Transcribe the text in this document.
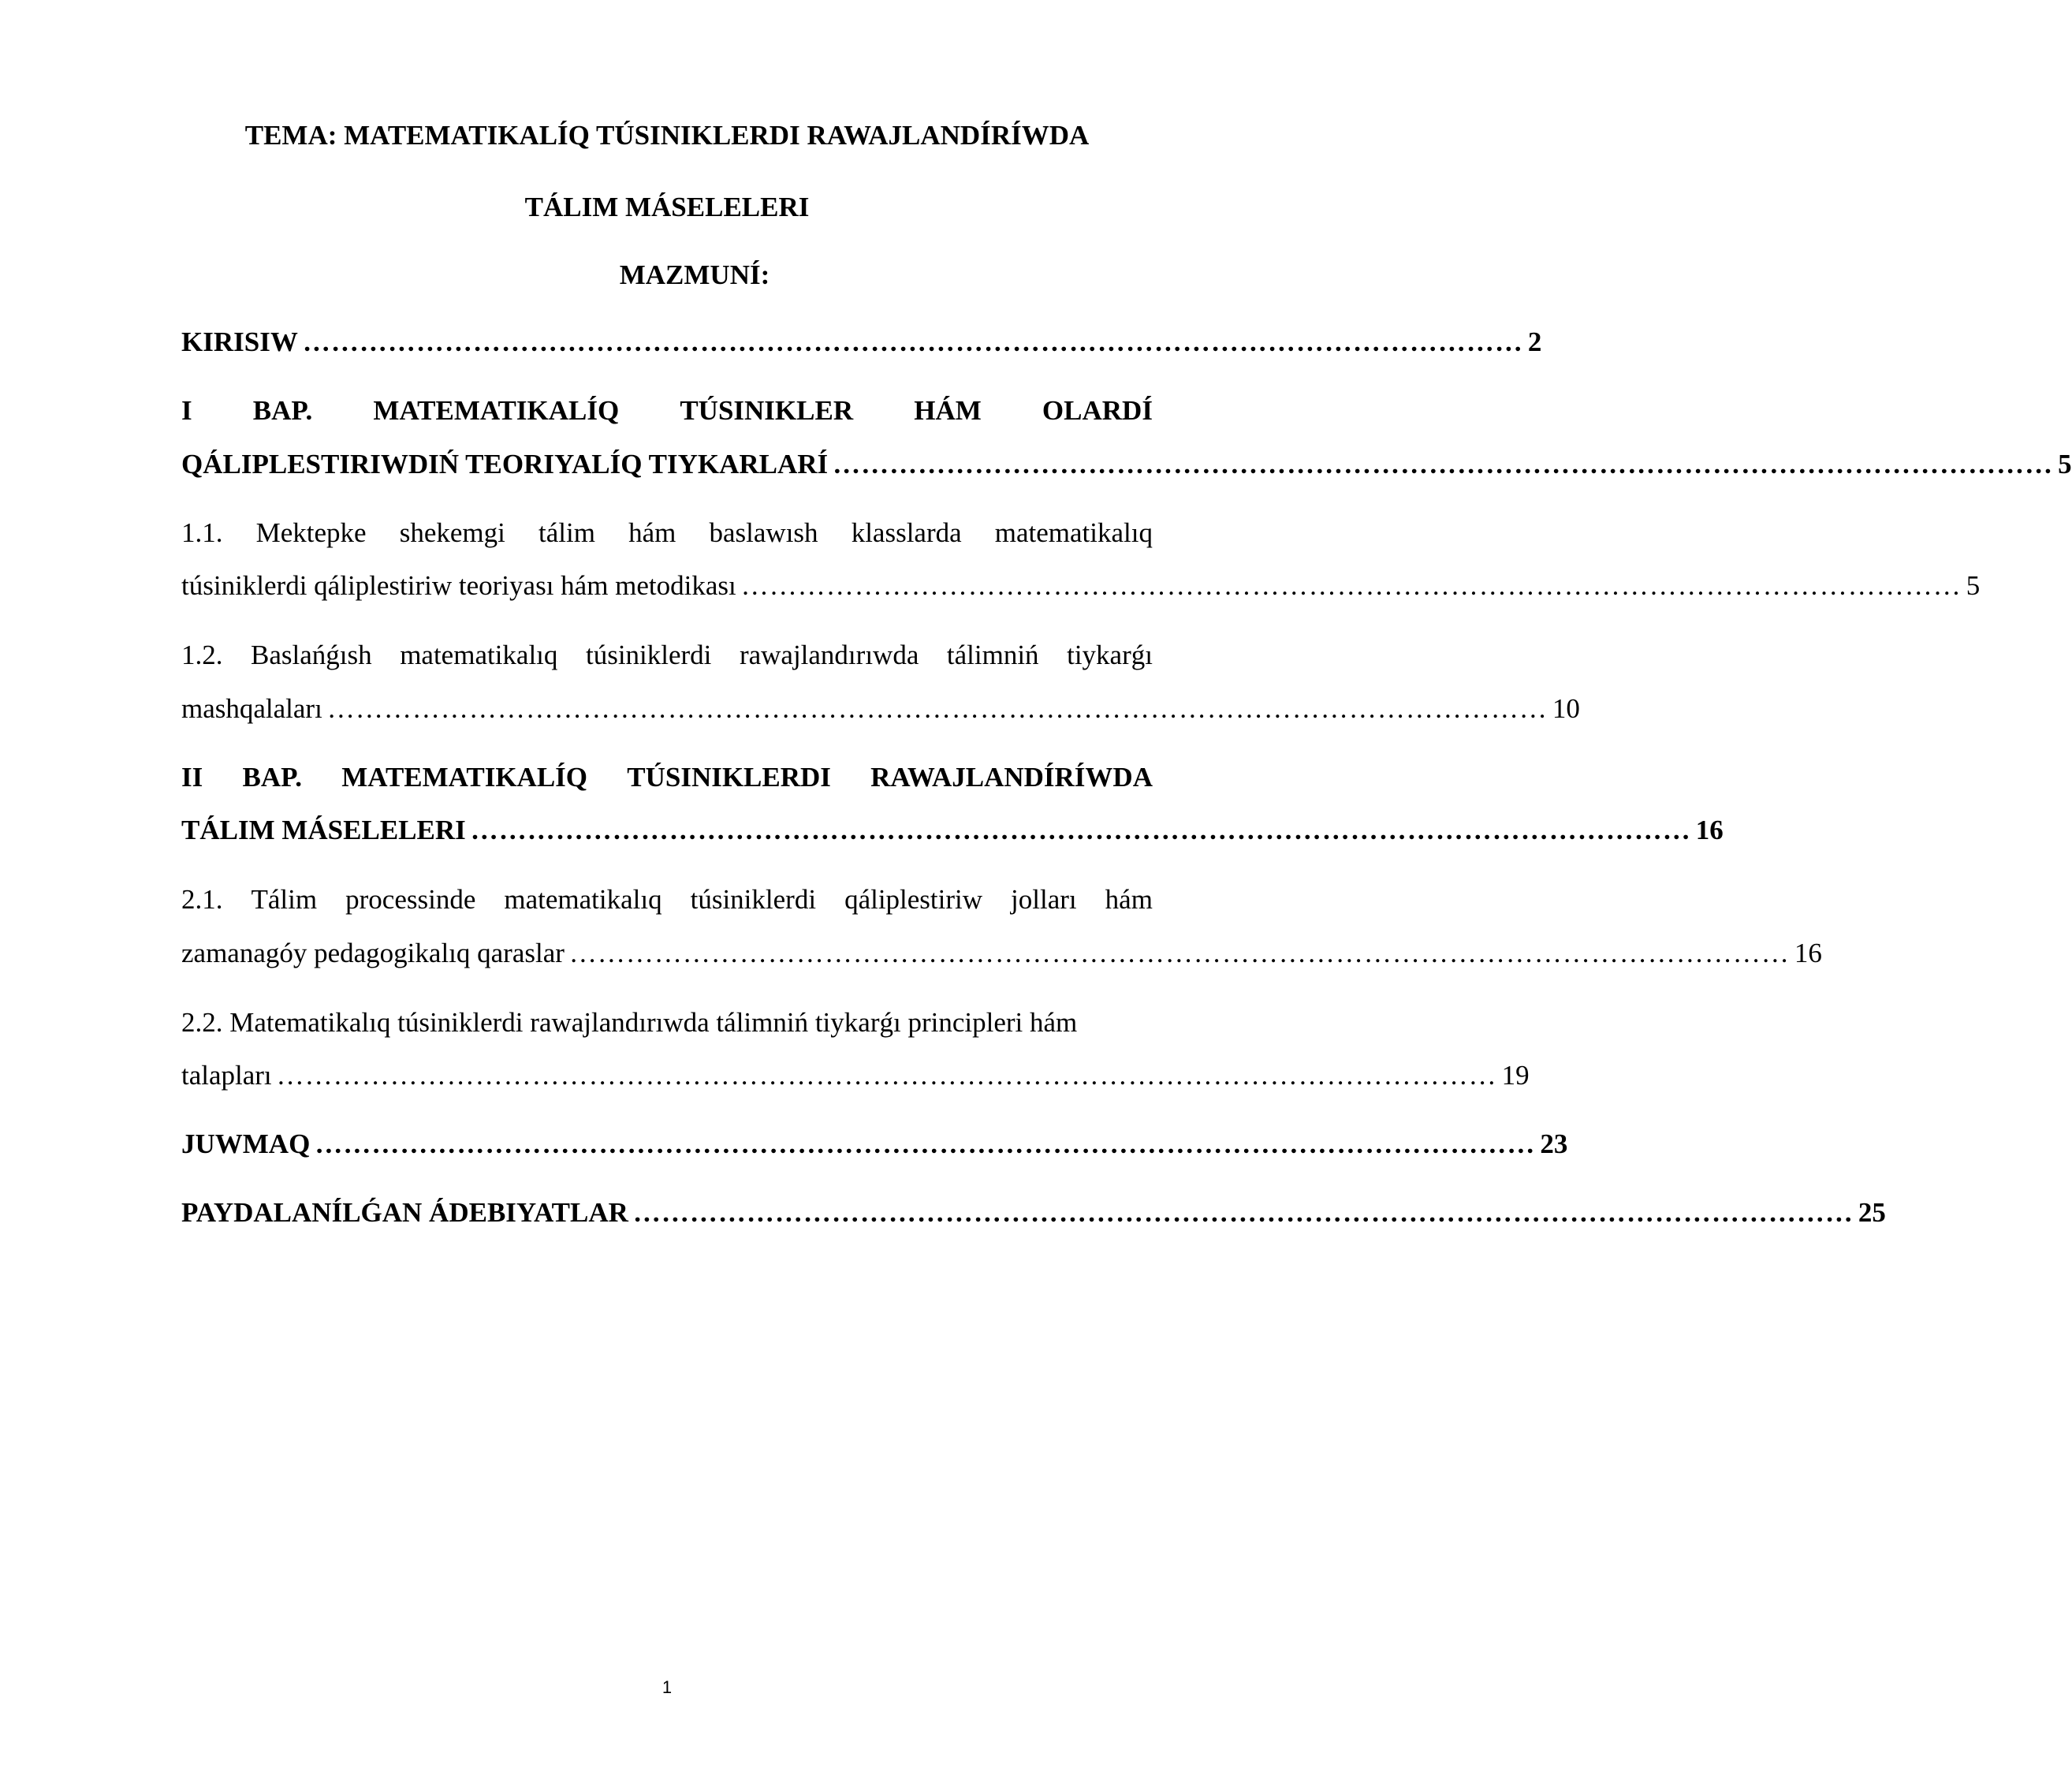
TEMA: MATEMATIKALÍQ TÚSINIKLERDI RAWAJLANDÍRÍWDA
TÁLIM MÁSELELERI
MAZMUNÍ:
KIRISIW ………………………………………………………………………………………………………………… 2
I BAP. MATEMATIKALÍQ TÚSINIKLER HÁM OLARDÍ
QÁLIPLESTIRIWDIŃ TEORIYALÍQ TIYKARLARÍ ………………………………………………………………………………………………………………… 5
1.1. Mektepke shekemgi tálim hám baslawısh klasslarda matematikalıq
túsiniklerdi qáliplestiriw teoriyası hám metodikası ………………………………………………………………………………………………………………… 5
1.2. Baslańǵısh matematikalıq túsiniklerdi rawajlandırıwda tálimniń tiykarǵı
mashqalaları ………………………………………………………………………………………………………………… 10
II BAP. MATEMATIKALÍQ TÚSINIKLERDI RAWAJLANDÍRÍWDA
TÁLIM MÁSELELERI ………………………………………………………………………………………………………………… 16
2.1. Tálim processinde matematikalıq túsiniklerdi qáliplestiriw jolları hám
zamanagóy pedagogikalıq qaraslar ………………………………………………………………………………………………………………… 16
2.2. Matematikalıq túsiniklerdi rawajlandırıwda tálimniń tiykarǵı principleri hám
talapları ………………………………………………………………………………………………………………… 19
JUWMAQ ………………………………………………………………………………………………………………… 23
PAYDALANÍLǴAN ÁDEBIYATLAR ………………………………………………………………………………………………………………… 25
1
